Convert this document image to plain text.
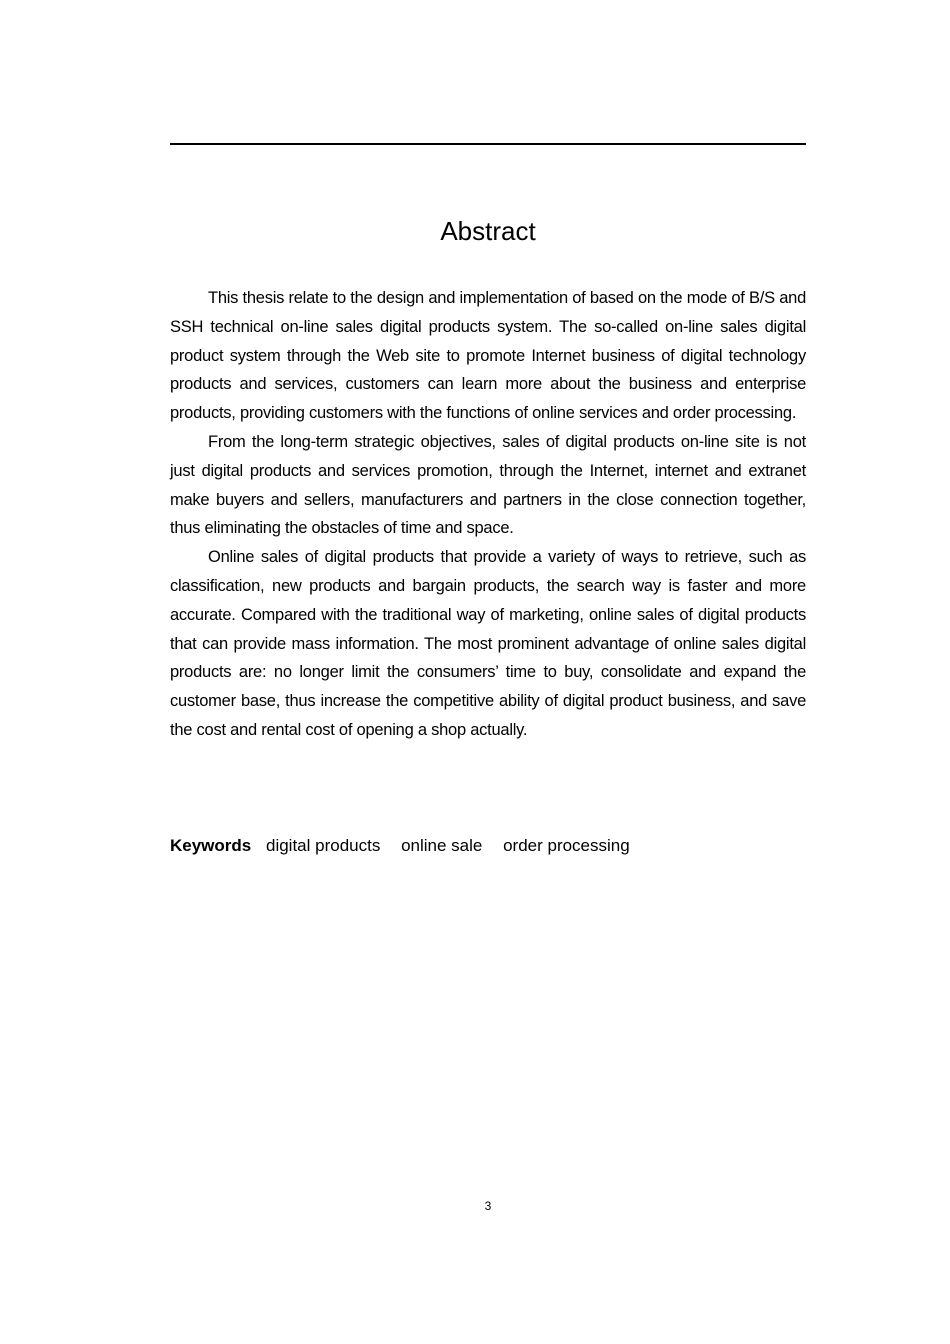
Abstract

This thesis relate to the design and implementation of based on the mode of B/S and SSH technical on-line sales digital products system. The so-called on-line sales digital product system through the Web site to promote Internet business of digital technology products and services, customers can learn more about the business and enterprise products, providing customers with the functions of online services and order processing.

From the long-term strategic objectives, sales of digital products on-line site is not just digital products and services promotion, through the Internet, internet and extranet make buyers and sellers, manufacturers and partners in the close connection together, thus eliminating the obstacles of time and space.

Online sales of digital products that provide a variety of ways to retrieve, such as classification, new products and bargain products, the search way is faster and more accurate. Compared with the traditional way of marketing, online sales of digital products that can provide mass information. The most prominent advantage of online sales digital products are: no longer limit the consumers’ time to buy, consolidate and expand the customer base, thus increase the competitive ability of digital product business, and save the cost and rental cost of opening a shop actually.

Keywords digital products online sale order processing
3
